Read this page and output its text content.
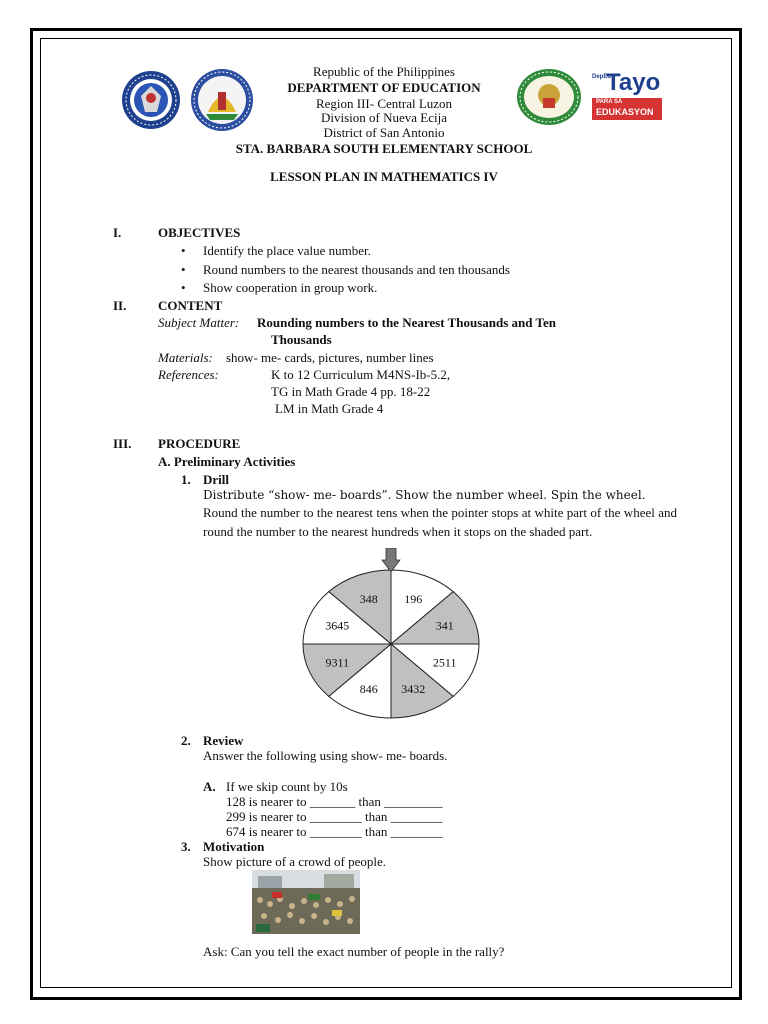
DepEd
Tayo
PARA SA
EDUKASYON
Republic of the Philippines
DEPARTMENT OF EDUCATION
Region III- Central Luzon
Division of Nueva Ecija
District of San Antonio
STA. BARBARA SOUTH ELEMENTARY SCHOOL
LESSON PLAN IN MATHEMATICS IV
I.	OBJECTIVES
• Identify the place value number.
• Round numbers to the nearest thousands and ten thousands
• Show cooperation in group work.
II. CONTENT
Subject Matter: Rounding numbers to the Nearest Thousands and Ten
Thousands
Materials: show- me- cards, pictures, number lines
References:	K to 12 Curriculum M4NS-Ib-5.2,
TG in Math Grade 4 pp. 18-22
LM in Math Grade 4
III. PROCEDURE
A. Preliminary Activities
1. Drill
Distribute “show- me- boards”. Show the number wheel. Spin the wheel.
Round the number to the nearest tens when the pointer stops at white part of the wheel and round the number to the nearest hundreds when it stops on the shaded part.
348 196
341
2511
3432
846
9311
3645
2. Review
Answer the following using show- me- boards.
A. If we skip count by 10s
128 is nearer to _______ than _________
299 is nearer to ________ than ________
674 is nearer to ________ than ________
3. Motivation
Show picture of a crowd of people.
Ask: Can you tell the exact number of people in the rally?
